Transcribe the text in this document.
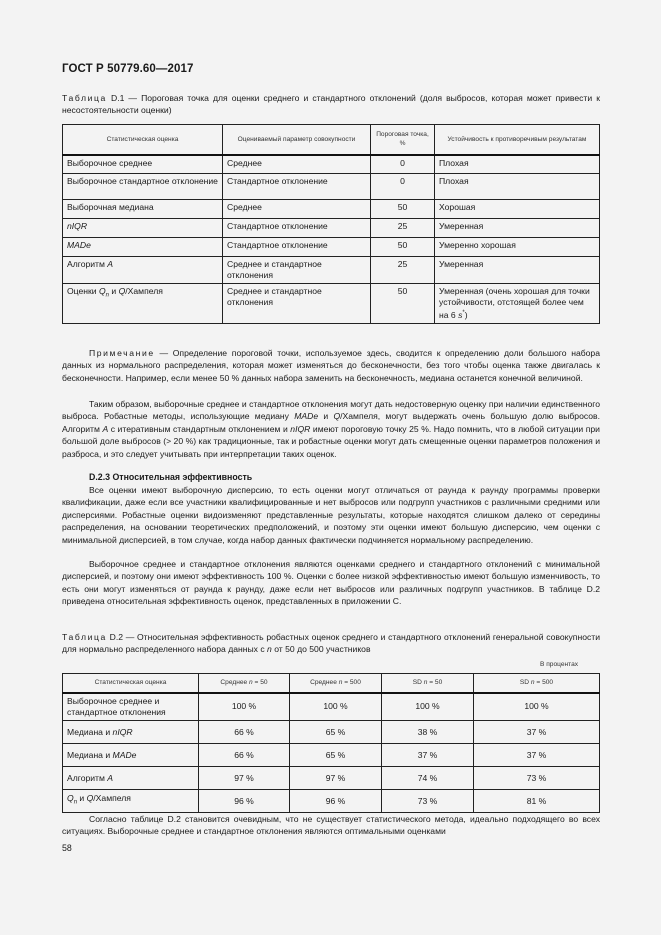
ГОСТ Р 50779.60—2017
Таблица D.1 — Пороговая точка для оценки среднего и стандартного отклонений (доля выбросов, которая может привести к несостоятельности оценки)
Статистическая оценка	Оцениваемый параметр совокупности	Пороговая точка, %	Устойчивость к противоречивым результатам
Выборочное среднее	Среднее	0	Плохая
Выборочное стандартное отклонение	Стандартное отклонение	0	Плохая
Выборочная медиана	Среднее	50	Хорошая
nIQR	Стандартное отклонение	25	Умеренная
MADe	Стандартное отклонение	50	Умеренно хорошая
Алгоритм A	Среднее и стандартное отклонения	25	Умеренная
Оценки $Q_n$ и Q/Хампеля	Среднее и стандартное отклонения	50	Умеренная (очень хорошая для точки устойчивости, отстоящей более чем на 6 s*)
Примечание — Определение пороговой точки, используемое здесь, сводится к определению доли большого набора данных из нормального распределения, которая может изменяться до бесконечности, без того чтобы оценка также двигалась к бесконечности. Например, если менее 50 % данных набора заменить на бесконечность, медиана останется конечной величиной.
Таким образом, выборочные среднее и стандартное отклонения могут дать недостоверную оценку при наличии единственного выброса. Робастные методы, использующие медиану MADe и Q/Хампеля, могут выдержать очень большую долю выбросов. Алгоритм A с итеративным стандартным отклонением и nIQR имеют пороговую точку 25 %. Надо помнить, что в любой ситуации при большой доле выбросов (> 20 %) как традиционные, так и робастные оценки могут дать смещенные оценки параметров положения и разброса, и это следует учитывать при интерпретации таких оценок.
D.2.3 Относительная эффективность
Все оценки имеют выборочную дисперсию, то есть оценки могут отличаться от раунда к раунду программы проверки квалификации, даже если все участники квалифицированные и нет выбросов или подгрупп участников с различными средними или дисперсиями. Робастные оценки видоизменяют представленные результаты, которые находятся слишком далеко от середины распределения, на основании теоретических предположений, и поэтому эти оценки имеют большую дисперсию, чем оценки с минимальной дисперсией, в том случае, когда набор данных фактически подчиняется нормальному распределению.
Выборочное среднее и стандартное отклонения являются оценками среднего и стандартного отклонений с минимальной дисперсией, и поэтому они имеют эффективность 100 %. Оценки с более низкой эффективностью имеют большую изменчивость, то есть они могут изменяться от раунда к раунду, даже если нет выбросов или различных подгрупп участников. В таблице D.2 приведена относительная эффективность оценок, представленных в приложении С.
Таблица D.2 — Относительная эффективность робастных оценок среднего и стандартного отклонений генеральной совокупности для нормально распределенного набора данных с n от 50 до 500 участников
В процентах
Статистическая оценка	Среднее n = 50	Среднее n = 500	SD n = 50	SD n = 500
Выборочное среднее и стандартное отклонения	100 %	100 %	100 %	100 %
Медиана и nIQR	66 %	65 %	38 %	37 %
Медиана и MADe	66 %	65 %	37 %	37 %
Алгоритм A	97 %	97 %	74 %	73 %
$Q_n$ и Q/Хампеля	96 %	96 %	73 %	81 %
Согласно таблице D.2 становится очевидным, что не существует статистического метода, идеально подходящего во всех ситуациях. Выборочные среднее и стандартное отклонения являются оптимальными оценками
58
